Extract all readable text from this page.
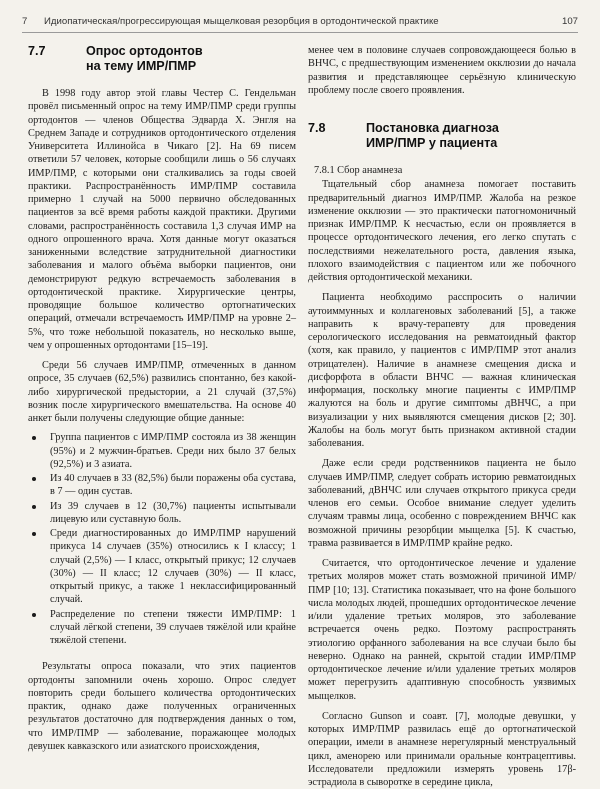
7 Идиопатическая/прогрессирующая мыщелковая резорбция в ортодонтической практике	107
7.7	Опрос ортодонтов
на тему ИМР/ПМР

В 1998 году автор этой главы Честер С. Гендельман провёл письменный опрос на тему ИМР/ПМР среди группы ортодонтов — членов Общества Эдварда Х. Энгля на Среднем Западе и сотрудников ортодонтического отделения Университета Иллинойса в Чикаго [2]. На 69 писем ответили 57 человек, которые сообщили лишь о 56 случаях ИМР/ПМР, с которыми они сталкивались за годы своей практики. Распространённость ИМР/ПМР составила примерно 1 случай на 5000 первично обследованных пациентов за всё время работы каждой практики. Другими словами, распространённость составила 1,3 случая ИМР на одного опрошенного врача. Хотя данные могут оказаться заниженными вследствие затруднительной диагностики заболевания и малого объёма выборки пациентов, они демонстрируют редкую встречаемость заболевания в ортодонтической практике. Хирургические центры, проводящие большое количество ортогнатических операций, отмечали встречаемость ИМР/ПМР на уровне 2–5%, что тоже небольшой показатель, но несколько выше, чем у опрошенных ортодонтами [15–19].

Среди 56 случаев ИМР/ПМР, отмеченных в данном опросе, 35 случаев (62,5%) развились спонтанно, без какой-либо хирургической предыстории, а 21 случай (37,5%) возник после хирургического вмешательства. На основе 40 анкет были получены следующие общие данные:

Группа пациентов с ИМР/ПМР состояла из 38 женщин (95%) и 2 мужчин-братьев. Среди них было 37 белых (92,5%) и 3 азиата.
Из 40 случаев в 33 (82,5%) были поражены оба сустава, в 7 — один сустав.
Из 39 случаев в 12 (30,7%) пациенты испытывали лицевую или суставную боль.
Среди диагностированных до ИМР/ПМР нарушений прикуса 14 случаев (35%) относились к I классу; 1 случай (2,5%) — I класс, открытый прикус; 12 случаев (30%) — II класс; 12 случаев (30%) — II класс, открытый прикус, а также 1 неклассифицированный случай.
Распределение по степени тяжести ИМР/ПМР: 1 случай лёгкой степени, 39 случаев тяжёлой или крайне тяжёлой степени.

Результаты опроса показали, что этих пациентов ортодонты запомнили очень хорошо. Опрос следует повторить среди большего количества ортодонтических практик, однако даже полученных ограниченных результатов достаточно для подтверждения данных о том, что ИМР/ПМР — заболевание, поражающее молодых девушек кавказского или азиатского происхождения,

менее чем в половине случаев сопровождающееся болью в ВНЧС, с предшествующим изменением окклюзии до начала развития и представляющее серьёзную клиническую проблему после своего проявления.

7.8	Постановка диагноза
ИМР/ПМР у пациента
7.8.1 Сбор анамнеза

Тщательный сбор анамнеза помогает поставить предварительный диагноз ИМР/ПМР. Жалоба на резкое изменение окклюзии — это практически патогномоничный признак ИМР/ПМР. К несчастью, если он проявляется в процессе ортодонтического лечения, его легко спутать с последствиями нежелательного роста, давления языка, плохого взаимодействия с пациентом или же побочного действия ортодонтической механики.

Пациента необходимо расспросить о наличии аутоиммунных и коллагеновых заболеваний [5], а также направить к врачу-терапевту для проведения серологического исследования на ревматоидный фактор (хотя, как правило, у пациентов с ИМР/ПМР этот анализ отрицателен). Наличие в анамнезе смещения диска и дисфорфота в области ВНЧС — важная клиническая информация, поскольку многие пациенты с ИМР/ПМР жалуются на боль и другие симптомы дВНЧС, а при визуализации у них выявляются смещения дисков [2; 30]. Жалобы на боль могут быть признаком активной стадии заболевания.

Даже если среди родственников пациента не было случаев ИМР/ПМР, следует собрать историю ревматоидных заболеваний, дВНЧС или случаев открытого прикуса среди членов его семьи. Особое внимание следует уделить случаям травмы лица, особенно с повреждением ВНЧС как возможной причины резорбции мыщелка [5]. К счастью, травма развивается в ИМР/ПМР крайне редко.

Считается, что ортодонтическое лечение и удаление третьих моляров может стать возможной причиной ИМР/ПМР [10; 13]. Статистика показывает, что на фоне большого числа молодых людей, прошедших ортодонтическое лечение и/или удаление третьих моляров, это заболевание встречается очень редко. Поэтому распространять этиологию орфанного заболевания на все случаи было бы неверно. Однако на ранней, скрытой стадии ИМР/ПМР ортодонтическое лечение и/или удаление третьих моляров может перегрузить адаптивную способность уязвимых мыщелков.

Согласно Gunson и соавт. [7], молодые девушки, у которых ИМР/ПМР развилась ещё до ортогнатической операции, имели в анамнезе нерегулярный менструальный цикл, аменорею или принимали оральные контрацептивы. Исследователи предложили измерять уровень 17β-эстрадиола в сыворотке в середине цикла,
